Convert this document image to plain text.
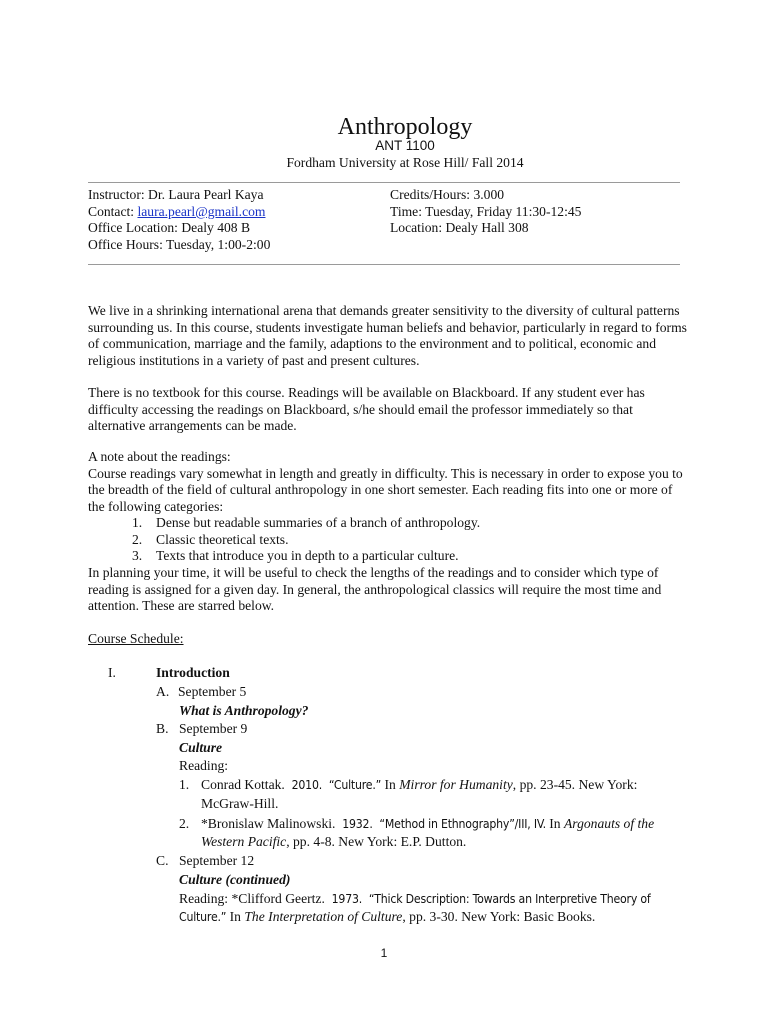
Anthropology
ANT 1100
Fordham University at Rose Hill/ Fall 2014
Instructor: Dr. Laura Pearl Kaya
Contact: laura.pearl@gmail.com
Office Location: Dealy 408 B
Office Hours: Tuesday, 1:00-2:00
Credits/Hours: 3.000
Time: Tuesday, Friday 11:30-12:45
Location: Dealy Hall 308

We live in a shrinking international arena that demands greater sensitivity to the diversity of cultural patterns surrounding us. In this course, students investigate human beliefs and behavior, particularly in regard to forms of communication, marriage and the family, adaptions to the environment and to political, economic and religious institutions in a variety of past and present cultures.

There is no textbook for this course. Readings will be available on Blackboard. If any student ever has difficulty accessing the readings on Blackboard, s/he should email the professor immediately so that alternative arrangements can be made.

A note about the readings:
Course readings vary somewhat in length and greatly in difficulty. This is necessary in order to expose you to the breadth of the field of cultural anthropology in one short semester. Each reading fits into one or more of the following categories:
1. Dense but readable summaries of a branch of anthropology.
2. Classic theoretical texts.
3. Texts that introduce you in depth to a particular culture.

In planning your time, it will be useful to check the lengths of the readings and to consider which type of reading is assigned for a given day. In general, the anthropological classics will require the most time and attention. These are starred below.

Course Schedule:
I.	Introduction
A. September 5
What is Anthropology?
B. September 9
Culture
Reading:
1. Conrad Kottak. 2010. “Culture.” In Mirror for Humanity, pp. 23-45. New York:
McGraw-Hill.
2. *Bronislaw Malinowski. 1932. “Method in Ethnography”/III, IV. In Argonauts of the
Western Pacific, pp. 4-8. New York: E.P. Dutton.
C. September 12
Culture (continued)
Reading: *Clifford Geertz. 1973. “Thick Description: Towards an Interpretive Theory of
Culture.” In The Interpretation of Culture, pp. 3-30. New York: Basic Books.
1
